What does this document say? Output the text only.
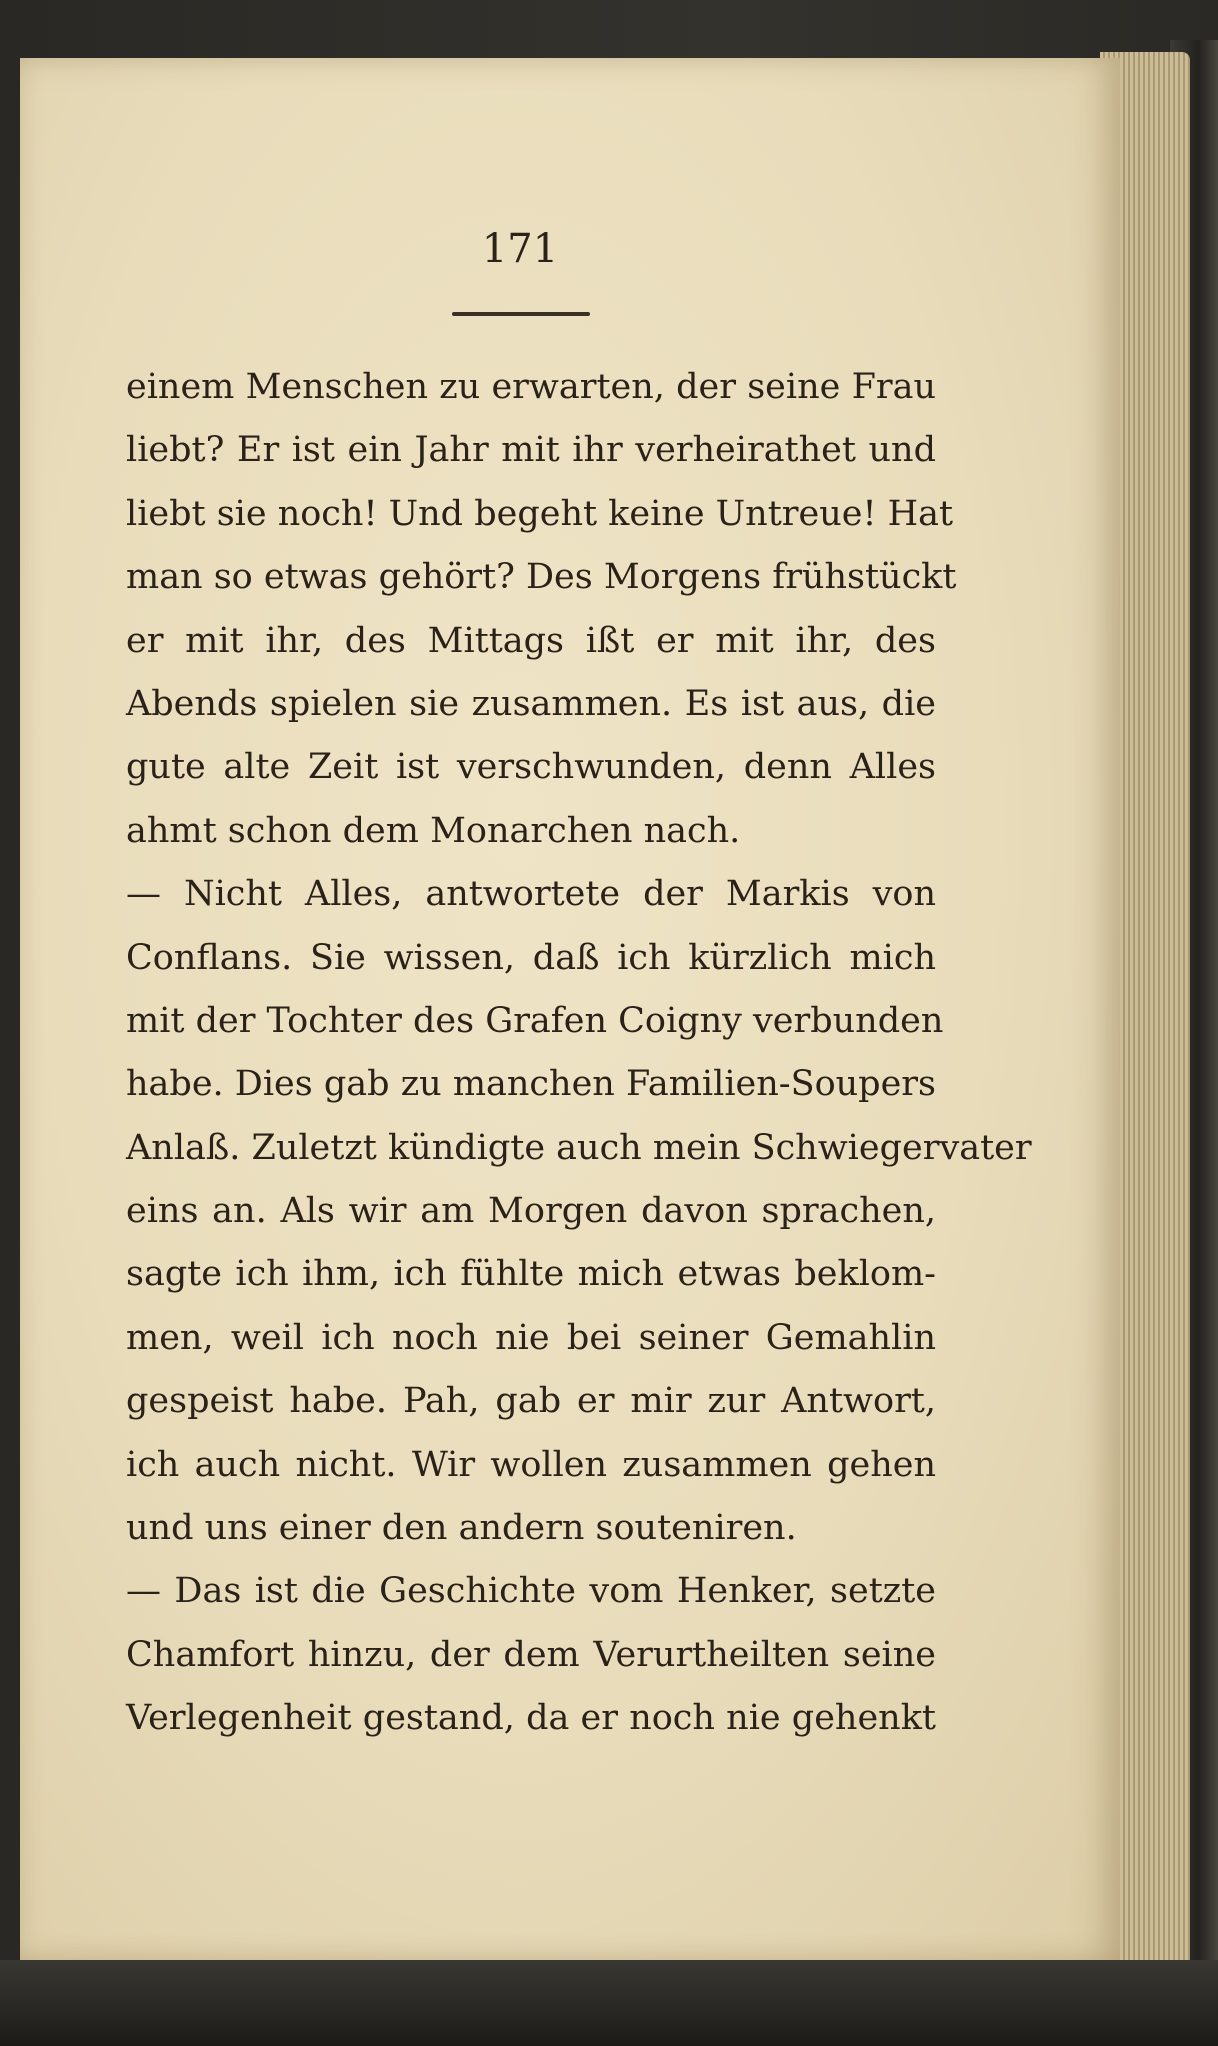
171
einem Menschen zu erwarten, der seine Frau
liebt? Er ist ein Jahr mit ihr verheirathet und
liebt sie noch! Und begeht keine Untreue! Hat
man so etwas gehört? Des Morgens frühstückt
er mit ihr, des Mittags ißt er mit ihr, des
Abends spielen sie zusammen. Es ist aus, die
gute alte Zeit ist verschwunden, denn Alles
ahmt schon dem Monarchen nach.
— Nicht Alles, antwortete der Markis von
Conflans. Sie wissen, daß ich kürzlich mich
mit der Tochter des Grafen Coigny verbunden
habe. Dies gab zu manchen Familien-Soupers
Anlaß. Zuletzt kündigte auch mein Schwiegervater
eins an. Als wir am Morgen davon sprachen,
sagte ich ihm, ich fühlte mich etwas beklom-
men, weil ich noch nie bei seiner Gemahlin
gespeist habe. Pah, gab er mir zur Antwort,
ich auch nicht. Wir wollen zusammen gehen
und uns einer den andern souteniren.
— Das ist die Geschichte vom Henker, setzte
Chamfort hinzu, der dem Verurtheilten seine
Verlegenheit gestand, da er noch nie gehenkt
